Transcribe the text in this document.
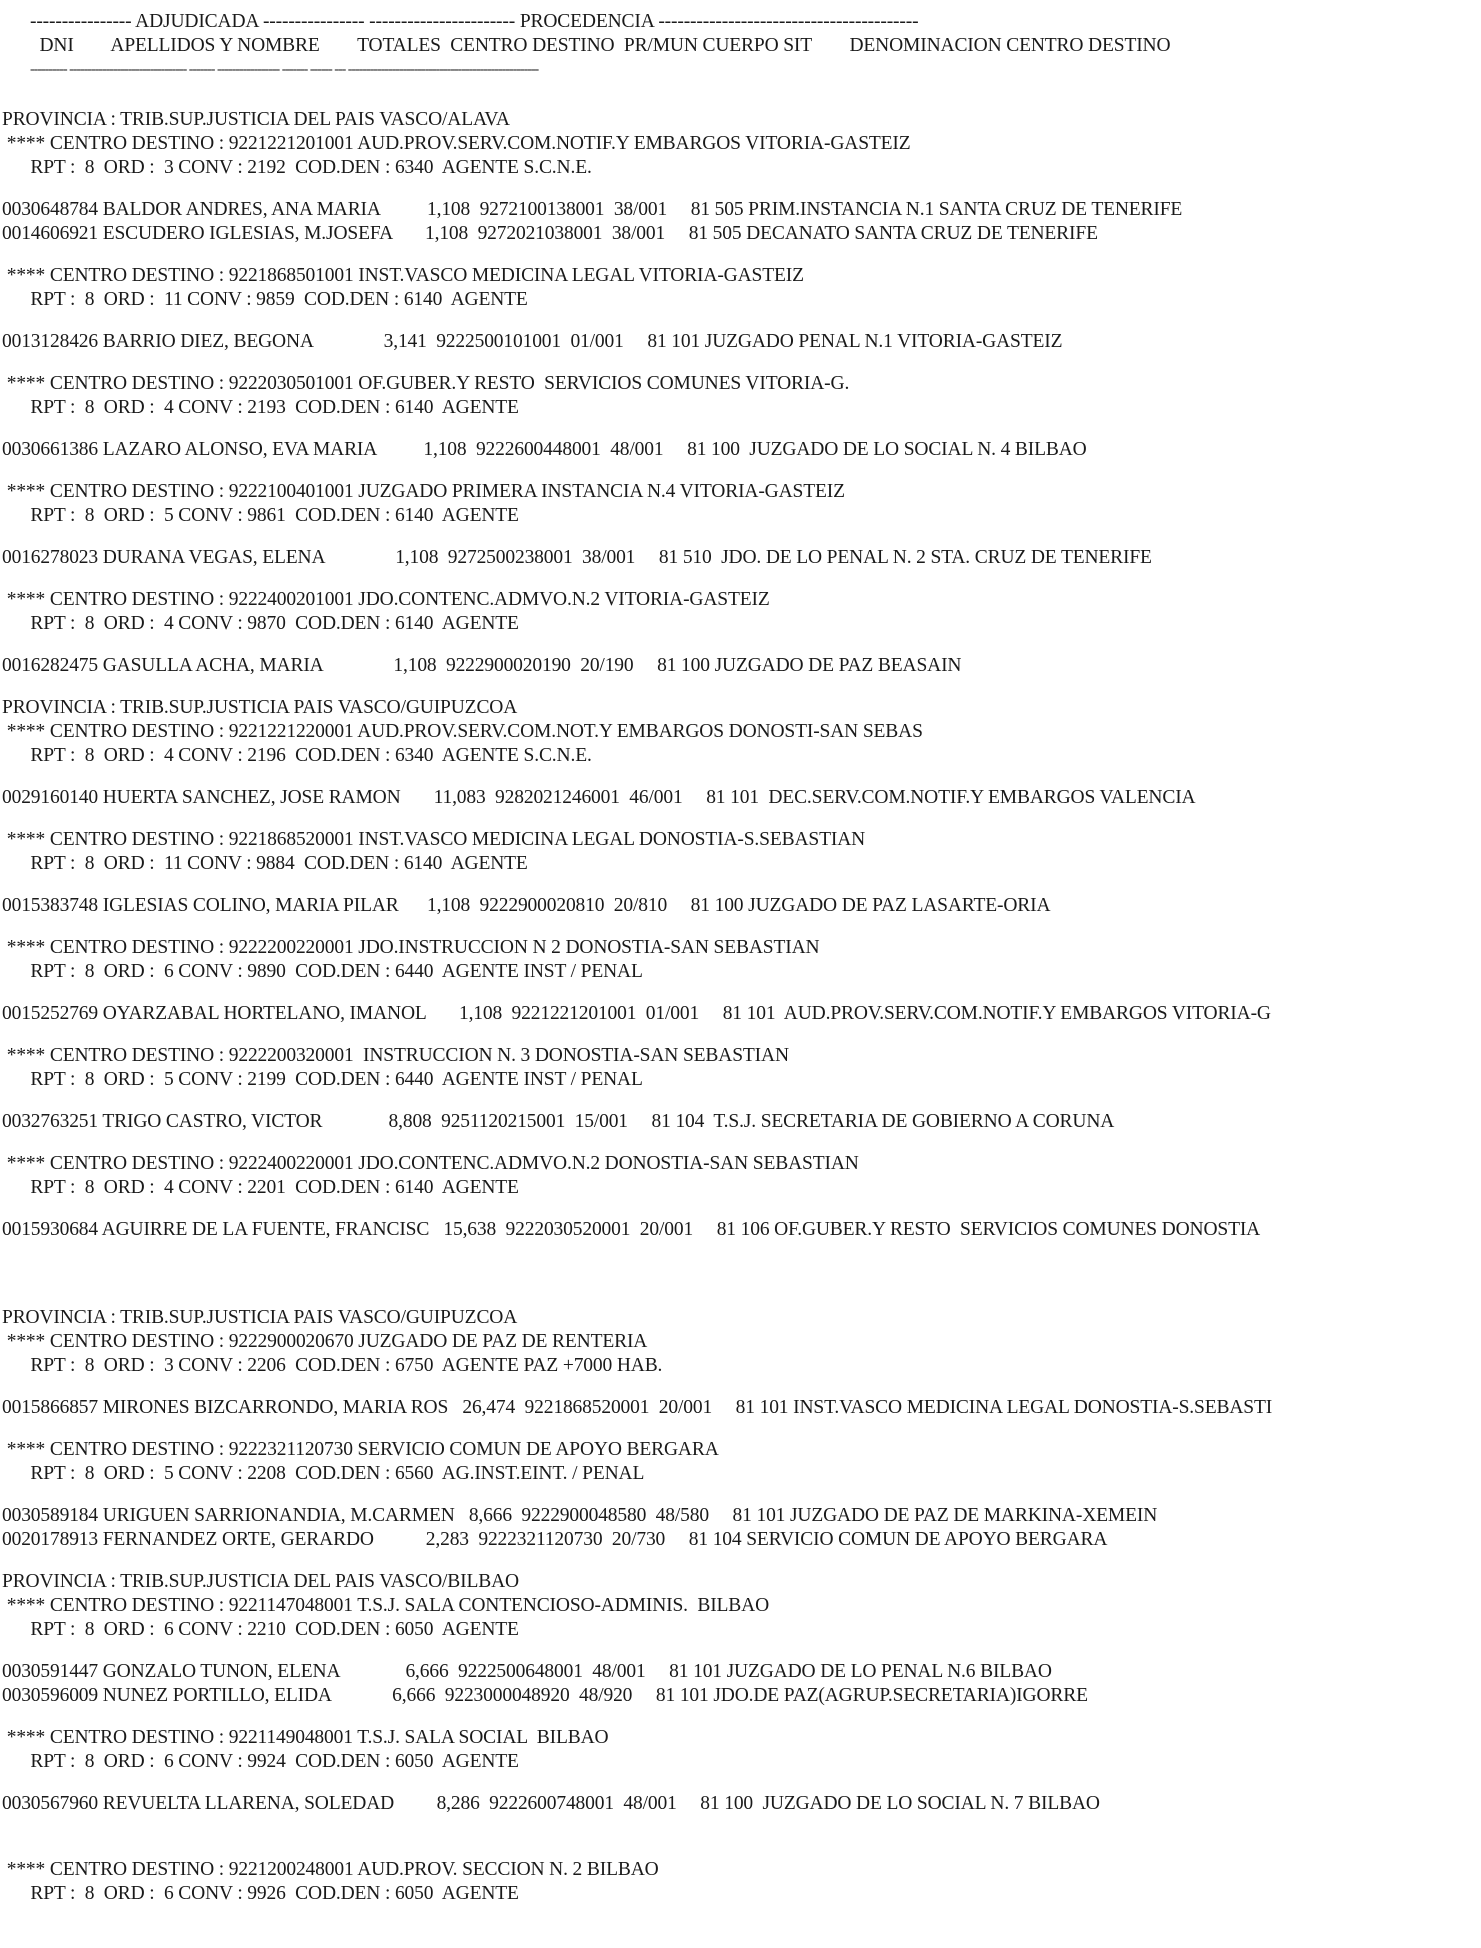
---------------- ADJUDICADA ---------------- ----------------------- PROCEDENCIA -----------------------------------------
DNI        APELLIDOS Y NOMBRE        TOTALES  CENTRO DESTINO  PR/MUN CUERPO SIT        DENOMINACION CENTRO DESTINO
---------- -------------------------------- ------- ----------------- ------- ------ --- ----------------------------------------------------
PROVINCIA : TRIB.SUP.JUSTICIA DEL PAIS VASCO/ALAVA
**** CENTRO DESTINO : 9221221201001 AUD.PROV.SERV.COM.NOTIF.Y EMBARGOS VITORIA-GASTEIZ
RPT :  8  ORD :  3 CONV : 2192  COD.DEN : 6340  AGENTE S.C.N.E.
0030648784 BALDOR ANDRES, ANA MARIA          1,108  9272100138001  38/001     81 505 PRIM.INSTANCIA N.1 SANTA CRUZ DE TENERIFE
0014606921 ESCUDERO IGLESIAS, M.JOSEFA       1,108  9272021038001  38/001     81 505 DECANATO SANTA CRUZ DE TENERIFE
**** CENTRO DESTINO : 9221868501001 INST.VASCO MEDICINA LEGAL VITORIA-GASTEIZ
RPT :  8  ORD :  11 CONV : 9859  COD.DEN : 6140  AGENTE
0013128426 BARRIO DIEZ, BEGONA               3,141  9222500101001  01/001     81 101 JUZGADO PENAL N.1 VITORIA-GASTEIZ
**** CENTRO DESTINO : 9222030501001 OF.GUBER.Y RESTO  SERVICIOS COMUNES VITORIA-G.
RPT :  8  ORD :  4 CONV : 2193  COD.DEN : 6140  AGENTE
0030661386 LAZARO ALONSO, EVA MARIA          1,108  9222600448001  48/001     81 100  JUZGADO DE LO SOCIAL N. 4 BILBAO
**** CENTRO DESTINO : 9222100401001 JUZGADO PRIMERA INSTANCIA N.4 VITORIA-GASTEIZ
RPT :  8  ORD :  5 CONV : 9861  COD.DEN : 6140  AGENTE
0016278023 DURANA VEGAS, ELENA               1,108  9272500238001  38/001     81 510  JDO. DE LO PENAL N. 2 STA. CRUZ DE TENERIFE
**** CENTRO DESTINO : 9222400201001 JDO.CONTENC.ADMVO.N.2 VITORIA-GASTEIZ
RPT :  8  ORD :  4 CONV : 9870  COD.DEN : 6140  AGENTE
0016282475 GASULLA ACHA, MARIA               1,108  9222900020190  20/190     81 100 JUZGADO DE PAZ BEASAIN
PROVINCIA : TRIB.SUP.JUSTICIA PAIS VASCO/GUIPUZCOA
**** CENTRO DESTINO : 9221221220001 AUD.PROV.SERV.COM.NOT.Y EMBARGOS DONOSTI-SAN SEBAS
RPT :  8  ORD :  4 CONV : 2196  COD.DEN : 6340  AGENTE S.C.N.E.
0029160140 HUERTA SANCHEZ, JOSE RAMON       11,083  9282021246001  46/001     81 101  DEC.SERV.COM.NOTIF.Y EMBARGOS VALENCIA
**** CENTRO DESTINO : 9221868520001 INST.VASCO MEDICINA LEGAL DONOSTIA-S.SEBASTIAN
RPT :  8  ORD :  11 CONV : 9884  COD.DEN : 6140  AGENTE
0015383748 IGLESIAS COLINO, MARIA PILAR      1,108  9222900020810  20/810     81 100 JUZGADO DE PAZ LASARTE-ORIA
**** CENTRO DESTINO : 9222200220001 JDO.INSTRUCCION N 2 DONOSTIA-SAN SEBASTIAN
RPT :  8  ORD :  6 CONV : 9890  COD.DEN : 6440  AGENTE INST / PENAL
0015252769 OYARZABAL HORTELANO, IMANOL       1,108  9221221201001  01/001     81 101  AUD.PROV.SERV.COM.NOTIF.Y EMBARGOS VITORIA-G
**** CENTRO DESTINO : 9222200320001  INSTRUCCION N. 3 DONOSTIA-SAN SEBASTIAN
RPT :  8  ORD :  5 CONV : 2199  COD.DEN : 6440  AGENTE INST / PENAL
0032763251 TRIGO CASTRO, VICTOR              8,808  9251120215001  15/001     81 104  T.S.J. SECRETARIA DE GOBIERNO A CORUNA
**** CENTRO DESTINO : 9222400220001 JDO.CONTENC.ADMVO.N.2 DONOSTIA-SAN SEBASTIAN
RPT :  8  ORD :  4 CONV : 2201  COD.DEN : 6140  AGENTE
0015930684 AGUIRRE DE LA FUENTE, FRANCISC   15,638  9222030520001  20/001     81 106 OF.GUBER.Y RESTO  SERVICIOS COMUNES DONOSTIA
PROVINCIA : TRIB.SUP.JUSTICIA PAIS VASCO/GUIPUZCOA
**** CENTRO DESTINO : 9222900020670 JUZGADO DE PAZ DE RENTERIA
RPT :  8  ORD :  3 CONV : 2206  COD.DEN : 6750  AGENTE PAZ +7000 HAB.
0015866857 MIRONES BIZCARRONDO, MARIA ROS   26,474  9221868520001  20/001     81 101 INST.VASCO MEDICINA LEGAL DONOSTIA-S.SEBASTI
**** CENTRO DESTINO : 9222321120730 SERVICIO COMUN DE APOYO BERGARA
RPT :  8  ORD :  5 CONV : 2208  COD.DEN : 6560  AG.INST.EINT. / PENAL
0030589184 URIGUEN SARRIONANDIA, M.CARMEN   8,666  9222900048580  48/580     81 101 JUZGADO DE PAZ DE MARKINA-XEMEIN
0020178913 FERNANDEZ ORTE, GERARDO           2,283  9222321120730  20/730     81 104 SERVICIO COMUN DE APOYO BERGARA
PROVINCIA : TRIB.SUP.JUSTICIA DEL PAIS VASCO/BILBAO
**** CENTRO DESTINO : 9221147048001 T.S.J. SALA CONTENCIOSO-ADMINIS.  BILBAO
RPT :  8  ORD :  6 CONV : 2210  COD.DEN : 6050  AGENTE
0030591447 GONZALO TUNON, ELENA              6,666  9222500648001  48/001     81 101 JUZGADO DE LO PENAL N.6 BILBAO
0030596009 NUNEZ PORTILLO, ELIDA             6,666  9223000048920  48/920     81 101 JDO.DE PAZ(AGRUP.SECRETARIA)IGORRE
**** CENTRO DESTINO : 9221149048001 T.S.J. SALA SOCIAL  BILBAO
RPT :  8  ORD :  6 CONV : 9924  COD.DEN : 6050  AGENTE
0030567960 REVUELTA LLARENA, SOLEDAD         8,286  9222600748001  48/001     81 100  JUZGADO DE LO SOCIAL N. 7 BILBAO
**** CENTRO DESTINO : 9221200248001 AUD.PROV. SECCION N. 2 BILBAO
RPT :  8  ORD :  6 CONV : 9926  COD.DEN : 6050  AGENTE
